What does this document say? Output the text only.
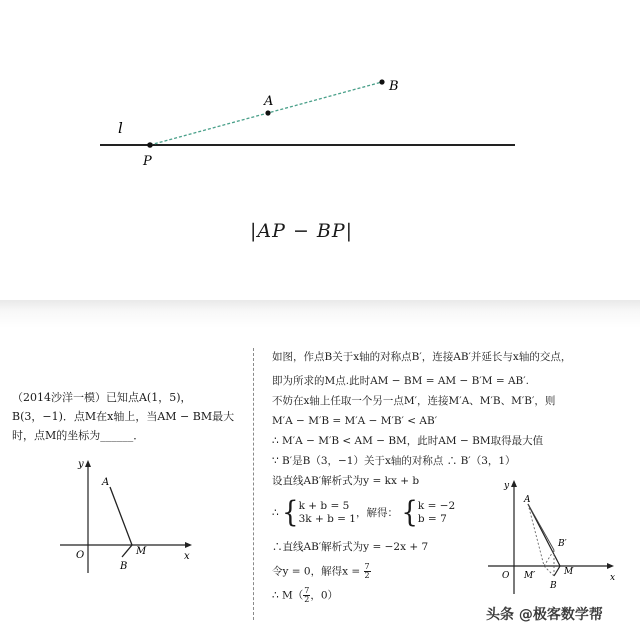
l
P
A
B
|AP − BP|
（2014沙洋一模）已知点A(1，5)，B(3，−1)．点M在x轴上，当AM − BM最大时，点M的坐标为______．
y
x
O
A
M
B
如图，作点B关于x轴的对称点B′，连接AB′并延长与x轴的交点，
即为所求的M点.此时AM − BM = AM − B′M = AB′.
不妨在x轴上任取一个另一点M′，连接M′A、M′B、M′B′，则
M′A − M′B = M′A − M′B′ < AB′
∴ M′A − M′B < AM − BM，此时AM − BM取得最大值
∵ B′是B（3，−1）关于x轴的对称点 ∴ B′（3，1）
设直线AB′解析式为y = kx + b
∴ {k + b = 5
3k + b = 1，解得： {k = −2
b = 7
∴直线AB′解析式为y = −2x + 7
令y = 0，解得$x = \frac{7}{2}$
∴ $M( \frac{7}{2}$ ，0）
y
x
O
A
B′
M
M′
B
头条 @极客数学帮
